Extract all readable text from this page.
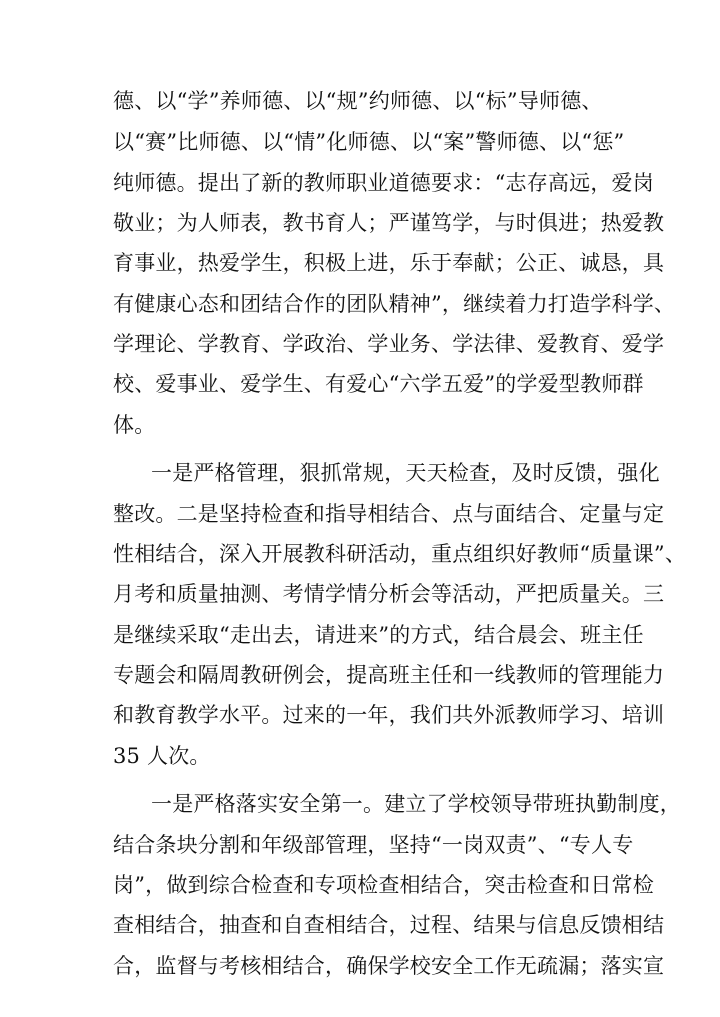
德、以“学”养师德、以“规”约师德、以“标”导师德、
以“赛”比师德、以“情”化师德、以“案”警师德、以“惩”
纯师德。提出了新的教师职业道德要求：“志存高远，爱岗
敬业；为人师表，教书育人；严谨笃学，与时俱进；热爱教
育事业，热爱学生，积极上进，乐于奉献；公正、诚恳，具
有健康心态和团结合作的团队精神”，继续着力打造学科学、
学理论、学教育、学政治、学业务、学法律、爱教育、爱学
校、爱事业、爱学生、有爱心“六学五爱”的学爱型教师群
体。
一是严格管理，狠抓常规，天天检查，及时反馈，强化
整改。二是坚持检查和指导相结合、点与面结合、定量与定
性相结合，深入开展教科研活动，重点组织好教师“质量课”、
月考和质量抽测、考情学情分析会等活动，严把质量关。三
是继续采取“走出去，请进来”的方式，结合晨会、班主任
专题会和隔周教研例会，提高班主任和一线教师的管理能力
和教育教学水平。过来的一年，我们共外派教师学习、培训
35 人次。
一是严格落实安全第一。建立了学校领导带班执勤制度，
结合条块分割和年级部管理，坚持“一岗双责”、“专人专
岗”，做到综合检查和专项检查相结合，突击检查和日常检
查相结合，抽查和自查相结合，过程、结果与信息反馈相结
合，监督与考核相结合，确保学校安全工作无疏漏；落实宣
